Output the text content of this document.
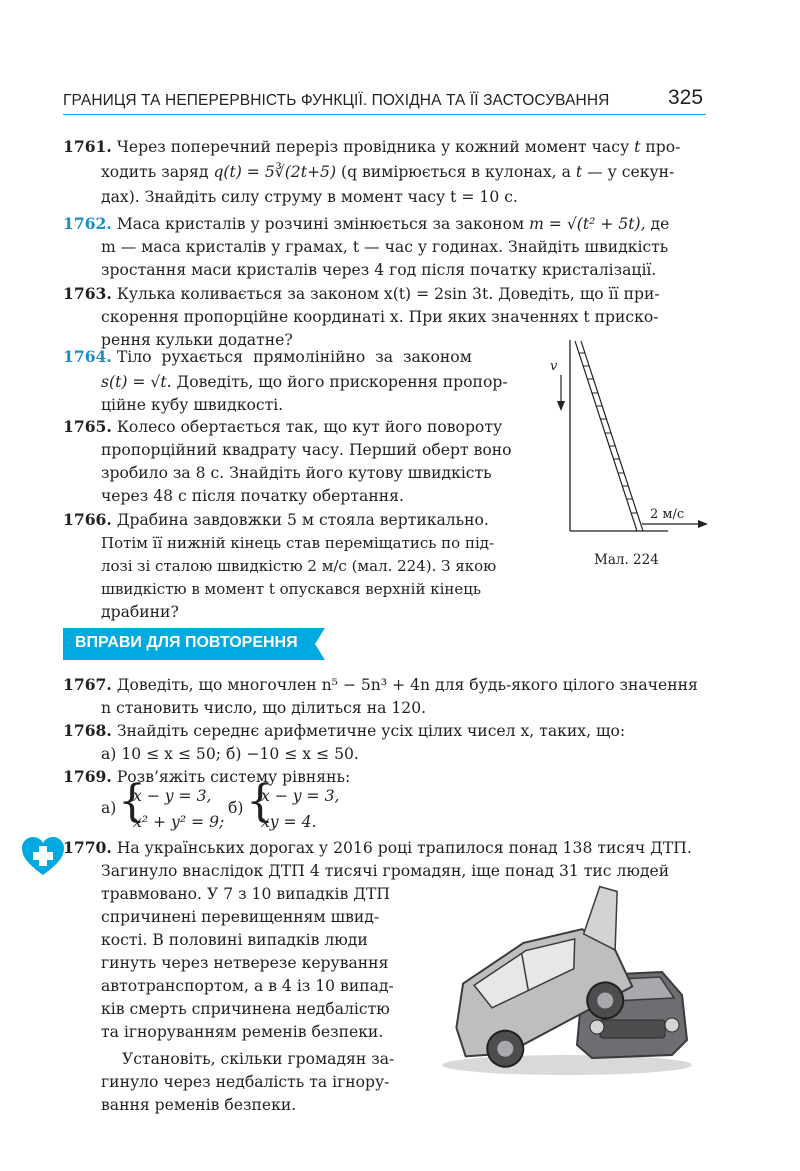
ГРАНИЦЯ ТА НЕПЕРЕРВНІСТЬ ФУНКЦІЇ. ПОХІДНА ТА ЇЇ ЗАСТОСУВАННЯ	325
1761. Через поперечний переріз провідника у кожний момент часу t про-
ходить заряд q(t) = 5∛(2t+5) (q вимірюється в кулонах, а t — у секун-
дах). Знайдіть силу струму в момент часу t = 10 с.
1762. Маса кристалів у розчині змінюється за законом m = √(t² + 5t), де
m — маса кристалів у грамах, t — час у годинах. Знайдіть швидкість
зростання маси кристалів через 4 год після початку кристалізації.
1763. Кулька коливається за законом x(t) = 2sin 3t. Доведіть, що її при-
скорення пропорційне координаті x. При яких значеннях t приско-
рення кульки додатне?
1764. Тіло рухається прямолінійно за законом
s(t) = √t. Доведіть, що його прискорення пропор-
ційне кубу швидкості.
1765. Колесо обертається так, що кут його повороту
пропорційний квадрату часу. Перший оберт воно
зробило за 8 с. Знайдіть його кутову швидкість
через 48 с після початку обертання.
1766. Драбина завдовжки 5 м стояла вертикально.
Потім її нижній кінець став переміщатись по під-
лозі зі сталою швидкістю 2 м/с (мал. 224). З якою
швидкістю в момент t опускався верхній кінець
драбини?
v
2 м/с
Мал. 224
ВПРАВИ ДЛЯ ПОВТОРЕННЯ
1767. Доведіть, що многочлен n⁵ − 5n³ + 4n для будь-якого цілого значення
n становить число, що ділиться на 120.
1768. Знайдіть середнє арифметичне усіх цілих чисел x, таких, що:
а) 10 ≤ x ≤ 50; б) −10 ≤ x ≤ 50.
1769. Розв’яжіть систему рівнянь:
а) {
x − y = 3,
x² + y² = 9;
б) {
x − y = 3,
xy = 4.
1770. На українських дорогах у 2016 році трапилося понад 138 тисяч ДТП.
Загинуло внаслідок ДТП 4 тисячі громадян, іще понад 31 тис людей
травмовано. У 7 з 10 випадків ДТП
спричинені перевищенням швид-
кості. В половині випадків люди
гинуть через нетверезе керування
автотранспортом, а в 4 із 10 випад-
ків смерть спричинена недбалістю
та ігноруванням ременів безпеки.
Установіть, скільки громадян за-
гинуло через недбалість та ігнору-
вання ременів безпеки.
